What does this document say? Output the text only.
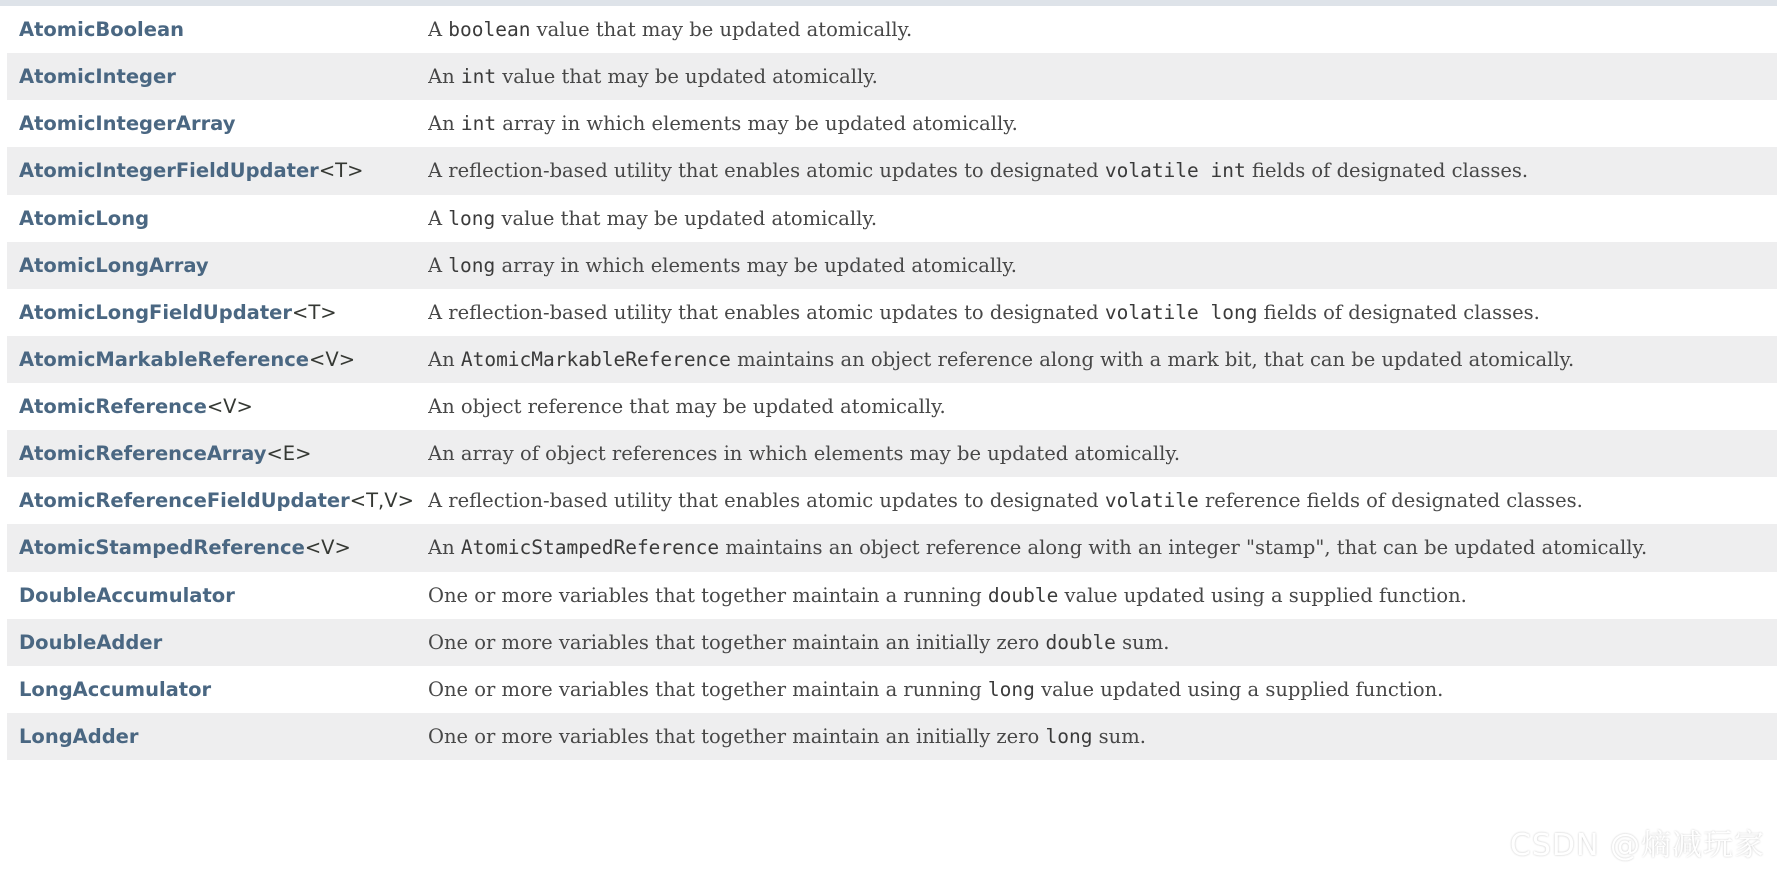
AtomicBoolean	A boolean value that may be updated atomically.
AtomicInteger	An int value that may be updated atomically.
AtomicIntegerArray	An int array in which elements may be updated atomically.
AtomicIntegerFieldUpdater<T>	A reflection-based utility that enables atomic updates to designated volatile int fields of designated classes.
AtomicLong	A long value that may be updated atomically.
AtomicLongArray	A long array in which elements may be updated atomically.
AtomicLongFieldUpdater<T>	A reflection-based utility that enables atomic updates to designated volatile long fields of designated classes.
AtomicMarkableReference<V>	An AtomicMarkableReference maintains an object reference along with a mark bit, that can be updated atomically.
AtomicReference<V>	An object reference that may be updated atomically.
AtomicReferenceArray<E>	An array of object references in which elements may be updated atomically.
AtomicReferenceFieldUpdater<T,V> A reflection-based utility that enables atomic updates to designated volatile reference fields of designated classes.
AtomicStampedReference<V>	An AtomicStampedReference maintains an object reference along with an integer "stamp", that can be updated atomically.
DoubleAccumulator	One or more variables that together maintain a running double value updated using a supplied function.
DoubleAdder	One or more variables that together maintain an initially zero double sum.
LongAccumulator	One or more variables that together maintain a running long value updated using a supplied function.
LongAdder	One or more variables that together maintain an initially zero long sum.
CSDN @熵减玩家
